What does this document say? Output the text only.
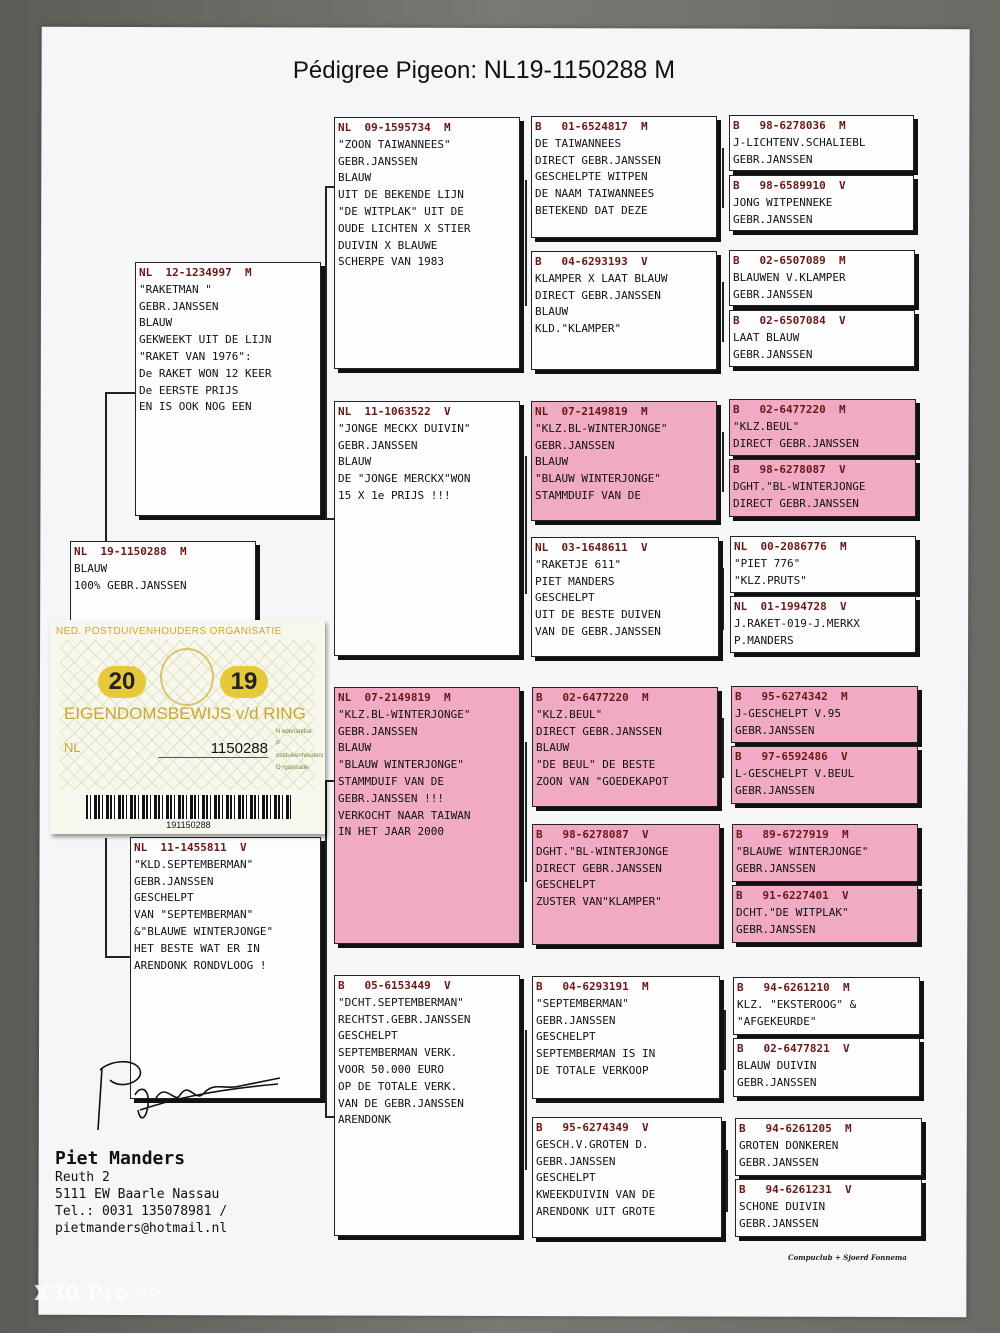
Pédigree Pigeon: NL19-1150288 M
NL  19-1150288  M
BLAUW
100% GEBR.JANSSEN
NL  12-1234997  M
"RAKETMAN "
GEBR.JANSSEN
BLAUW
GEKWEEKT UIT DE LIJN
"RAKET VAN 1976":
De RAKET WON 12 KEER
De EERSTE PRIJS
EN IS OOK NOG EEN
NL  11-1455811  V
"KLD.SEPTEMBERMAN"
GEBR.JANSSEN
GESCHELPT
VAN "SEPTEMBERMAN"
&"BLAUWE WINTERJONGE"
HET BESTE WAT ER IN
ARENDONK RONDVLOOG !
NL  09-1595734  M
"ZOON TAIWANNEES"
GEBR.JANSSEN
BLAUW
UIT DE BEKENDE LIJN
"DE WITPLAK" UIT DE
OUDE LICHTEN X STIER
DUIVIN X BLAUWE
SCHERPE VAN 1983
NL  11-1063522  V
"JONGE MECKX DUIVIN"
GEBR.JANSSEN
BLAUW
DE "JONGE MERCKX"WON
15 X 1e PRIJS !!!
NL  07-2149819  M
"KLZ.BL-WINTERJONGE"
GEBR.JANSSEN
BLAUW
"BLAUW WINTERJONGE"
STAMMDUIF VAN DE
GEBR.JANSSEN !!!
VERKOCHT NAAR TAIWAN
IN HET JAAR 2000
B   05-6153449  V
"DCHT.SEPTEMBERMAN"
RECHTST.GEBR.JANSSEN
GESCHELPT
SEPTEMBERMAN VERK.
VOOR 50.000 EURO
OP DE TOTALE VERK.
VAN DE GEBR.JANSSEN
ARENDONK
B   01-6524817  M
DE TAIWANNEES
DIRECT GEBR.JANSSEN
GESCHELPTE WITPEN
DE NAAM TAIWANNEES
BETEKEND DAT DEZE
B   04-6293193  V
KLAMPER X LAAT BLAUW
DIRECT GEBR.JANSSEN
BLAUW
KLD."KLAMPER"
NL  07-2149819  M
"KLZ.BL-WINTERJONGE"
GEBR.JANSSEN
BLAUW
"BLAUW WINTERJONGE"
STAMMDUIF VAN DE
NL  03-1648611  V
"RAKETJE 611"
PIET MANDERS
GESCHELPT
UIT DE BESTE DUIVEN
VAN DE GEBR.JANSSEN
B   02-6477220  M
"KLZ.BEUL"
DIRECT GEBR.JANSSEN
BLAUW
"DE BEUL" DE BESTE
ZOON VAN "GOEDEKAPOT
B   98-6278087  V
DGHT."BL-WINTERJONGE
DIRECT GEBR.JANSSEN
GESCHELPT
ZUSTER VAN"KLAMPER"
B   04-6293191  M
"SEPTEMBERMAN"
GEBR.JANSSEN
GESCHELPT
SEPTEMBERMAN IS IN
DE TOTALE VERKOOP
B   95-6274349  V
GESCH.V.GROTEN D.
GEBR.JANSSEN
GESCHELPT
KWEEKDUIVIN VAN DE
ARENDONK UIT GROTE
B   98-6278036  M
J-LICHTENV.SCHALIEBL
GEBR.JANSSEN
B   98-6589910  V
JONG WITPENNEKE
GEBR.JANSSEN
B   02-6507089  M
BLAUWEN V.KLAMPER
GEBR.JANSSEN
B   02-6507084  V
LAAT BLAUW
GEBR.JANSSEN
B   02-6477220  M
"KLZ.BEUL"
DIRECT GEBR.JANSSEN
B   98-6278087  V
DGHT."BL-WINTERJONGE
DIRECT GEBR.JANSSEN
NL  00-2086776  M
"PIET 776"
"KLZ.PRUTS"
NL  01-1994728  V
J.RAKET-019-J.MERKX
P.MANDERS
B   95-6274342  M
J-GESCHELPT V.95
GEBR.JANSSEN
B   97-6592486  V
L-GESCHELPT V.BEUL
GEBR.JANSSEN
B   89-6727919  M
"BLAUWE WINTERJONGE"
GEBR.JANSSEN
B   91-6227401  V
DCHT."DE WITPLAK"
GEBR.JANSSEN
B   94-6261210  M
KLZ. "EKSTEROOG" &
"AFGEKEURDE"
B   02-6477821  V
BLAUW DUIVIN
GEBR.JANSSEN
B   94-6261205  M
GROTEN DONKEREN
GEBR.JANSSEN
B   94-6261231  V
SCHONE DUIVIN
GEBR.JANSSEN
NED. POSTDUIVENHOUDERS ORGANISATIE
20	19
EIGENDOMSBEWIJS v/d RING
NL	1150288
N ederlandse
P ostduivenhouders
O rganisatie
191150288
Piet Manders
Reuth 2
5111 EW Baarle Nassau
Tel.: 0031 135078981 /
pietmanders@hotmail.nl
Compuclub + Sjoerd Fonnema
X30 Pro 5G
